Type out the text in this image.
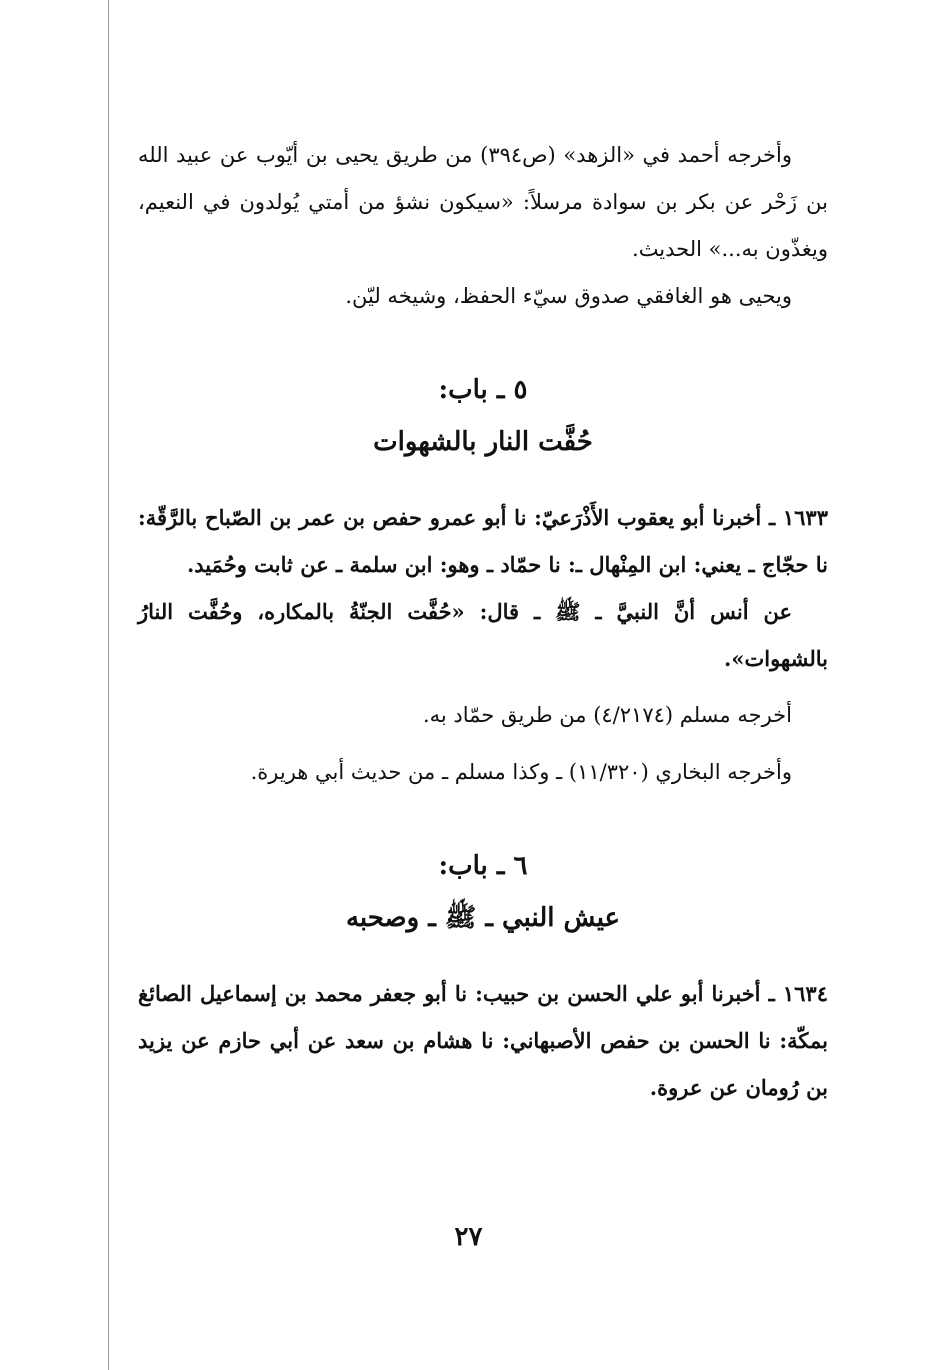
وأخرجه أحمد في «الزهد» (ص٣٩٤) من طريق يحيى بن أيّوب عن عبيد الله بن زَحْر عن بكر بن سوادة مرسلاً: «سيكون نشؤ من أمتي يُولدون في النعيم، ويغذّون به...» الحديث.

ويحيى هو الغافقي صدوق سيّء الحفظ، وشيخه ليّن.

٥ ـ باب:

حُفَّت النار بالشهوات

١٦٣٣ ـ أخبرنا أبو يعقوب الأَذْرَعيّ: نا أبو عمرو حفص بن عمر بن الصّباح بالرَّقّة: نا حجّاج ـ يعني: ابن المِنْهال ـ: نا حمّاد ـ وهو: ابن سلمة ـ عن ثابت وحُمَيد.

عن أنس أنَّ النبيَّ ـ ﷺ ـ قال: «حُفَّت الجنّةُ بالمكاره، وحُفَّت النارُ بالشهوات».

أخرجه مسلم (٤/٢١٧٤) من طريق حمّاد به.

وأخرجه البخاري (١١/٣٢٠) ـ وكذا مسلم ـ من حديث أبي هريرة.

٦ ـ باب:

عيش النبي ـ ﷺ ـ وصحبه

١٦٣٤ ـ أخبرنا أبو علي الحسن بن حبيب: نا أبو جعفر محمد بن إسماعيل الصائغ بمكّة: نا الحسن بن حفص الأصبهاني: نا هشام بن سعد عن أبي حازم عن يزيد بن رُومان عن عروة.

٢٧
